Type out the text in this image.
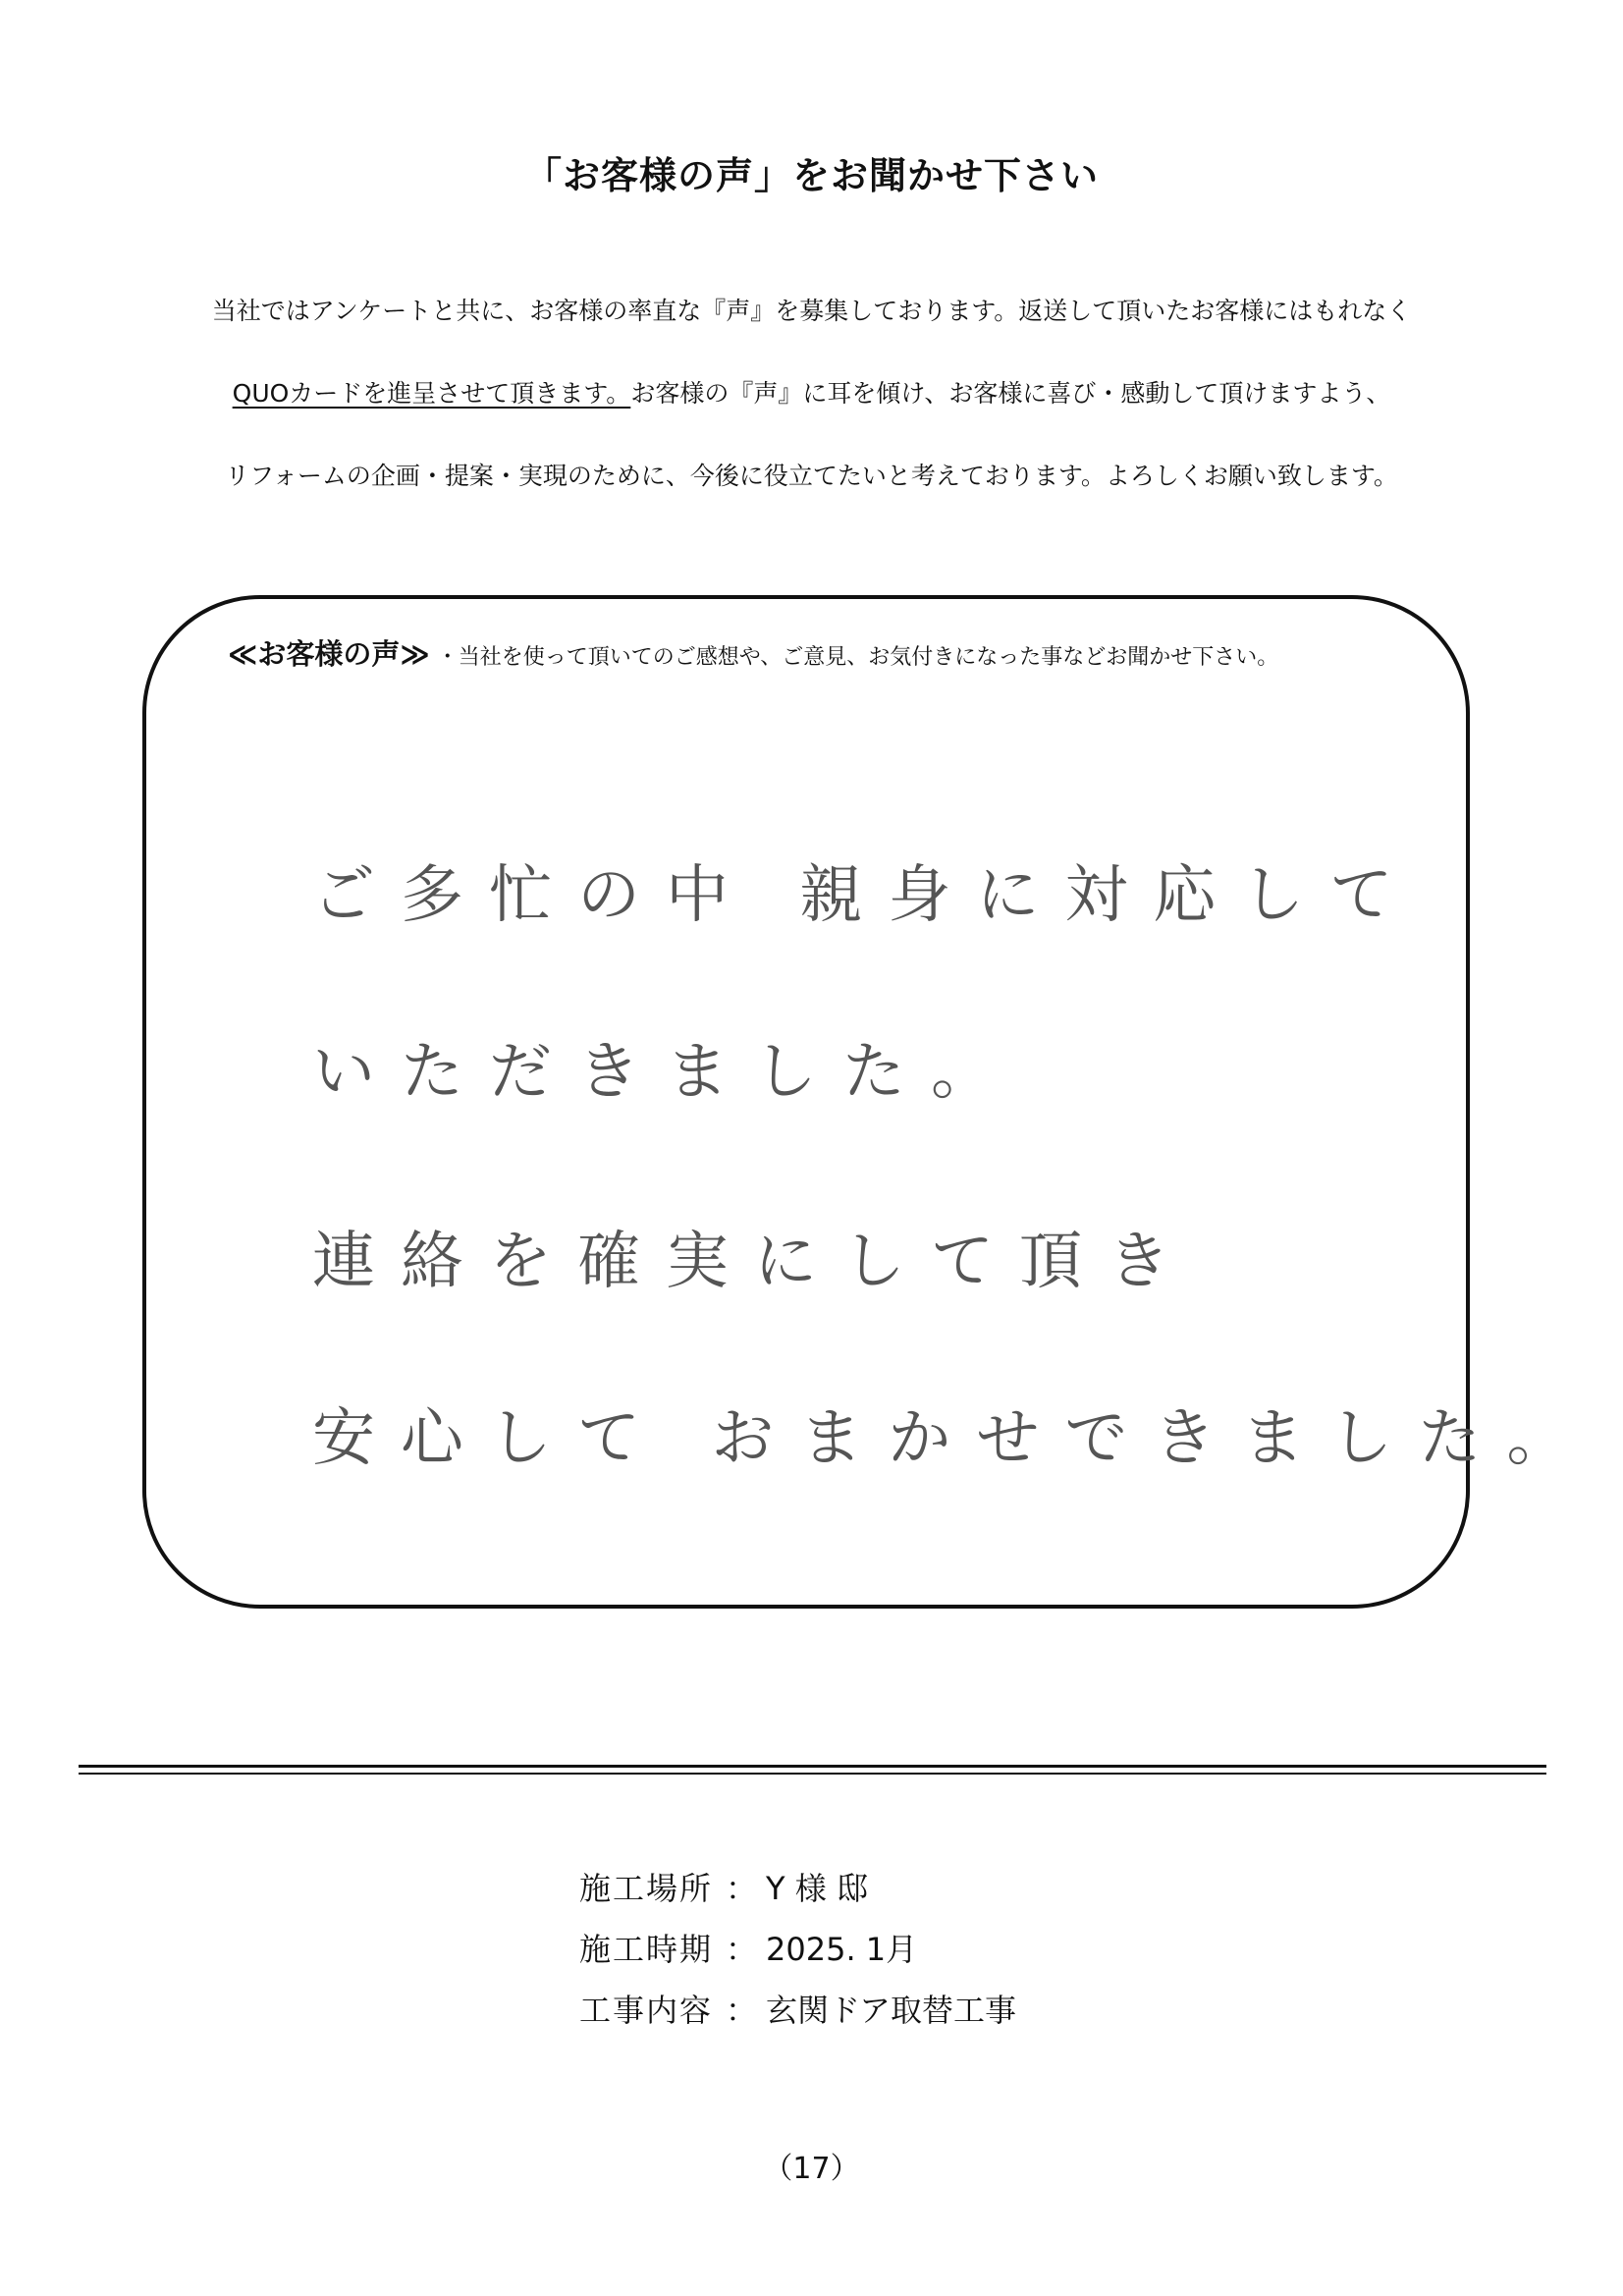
「お客様の声」をお聞かせ下さい
当社ではアンケートと共に、お客様の率直な『声』を募集しております。返送して頂いたお客様にはもれなく
QUOカードを進呈させて頂きます。お客様の『声』に耳を傾け、お客様に喜び・感動して頂けますよう、
リフォームの企画・提案・実現のために、今後に役立てたいと考えております。よろしくお願い致します。
≪お客様の声≫ ・当社を使って頂いてのご感想や、ご意見、お気付きになった事などお聞かせ下さい。
ご多忙の中 親身に対応して
いただきました。
連絡を確実にして頂き
安心して おまかせできました。
施工場所 ： Y 様 邸
施工時期 ： 2025. 1月
工事内容 ： 玄関ドア取替工事
（17）
